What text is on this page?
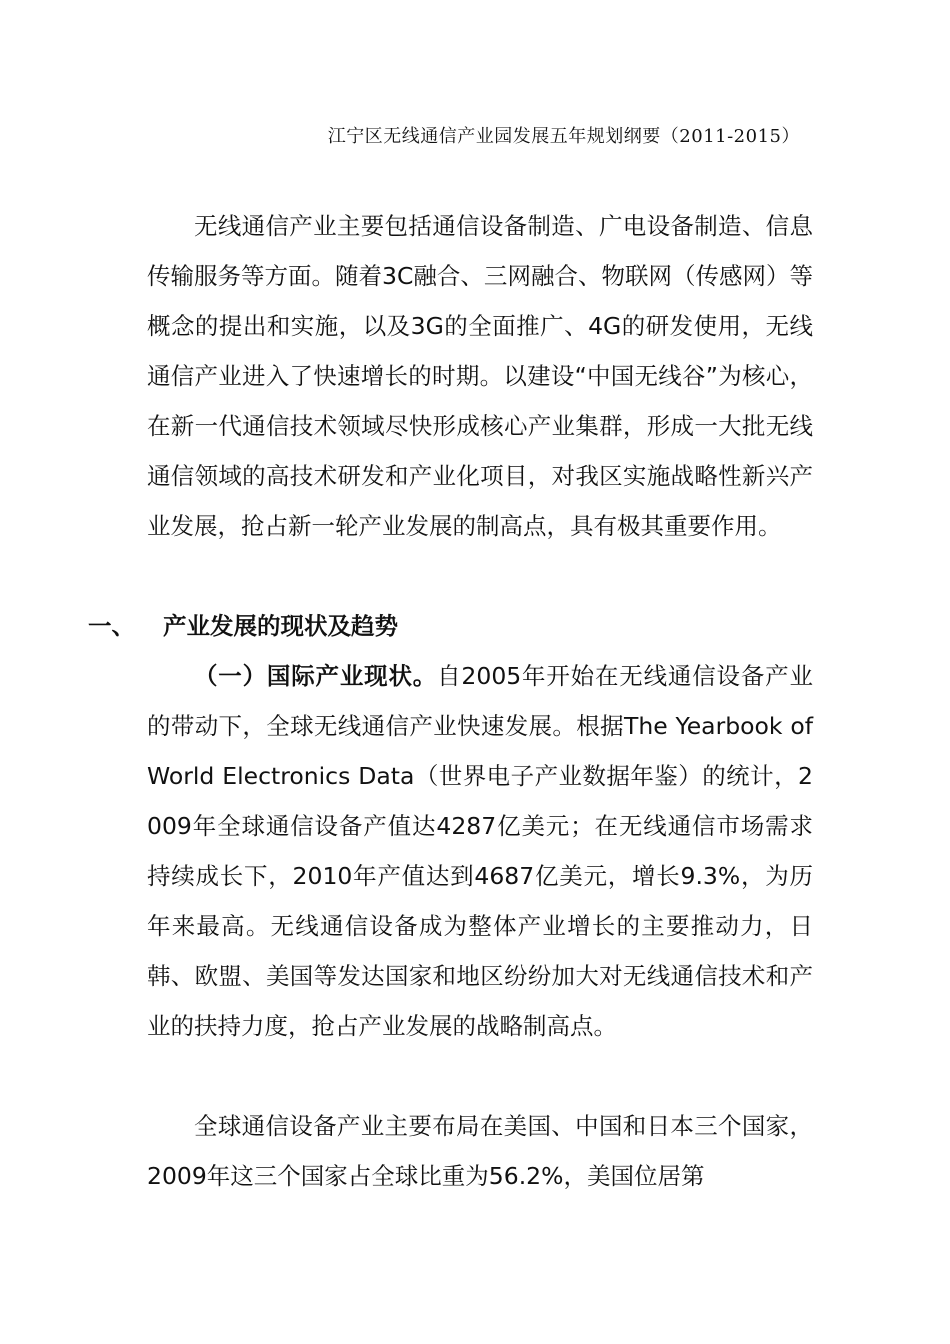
江宁区无线通信产业园发展五年规划纲要（2011-2015）
无线通信产业主要包括通信设备制造、广电设备制造、信息传输服务等方面。随着3C融合、三网融合、物联网（传感网）等概念的提出和实施，以及3G的全面推广、4G的研发使用，无线通信产业进入了快速增长的时期。以建设“中国无线谷”为核心，在新一代通信技术领域尽快形成核心产业集群，形成一大批无线通信领域的高技术研发和产业化项目，对我区实施战略性新兴产业发展，抢占新一轮产业发展的制高点，具有极其重要作用。
一、 产业发展的现状及趋势
（一）国际产业现状。自2005年开始在无线通信设备产业的带动下，全球无线通信产业快速发展。根据The Yearbook of World Electronics Data（世界电子产业数据年鉴）的统计，2009年全球通信设备产值达4287亿美元；在无线通信市场需求持续成长下，2010年产值达到4687亿美元，增长9.3%，为历年来最高。无线通信设备成为整体产业增长的主要推动力，日韩、欧盟、美国等发达国家和地区纷纷加大对无线通信技术和产业的扶持力度，抢占产业发展的战略制高点。
全球通信设备产业主要布局在美国、中国和日本三个国家，2009年这三个国家占全球比重为56.2%，美国位居第
